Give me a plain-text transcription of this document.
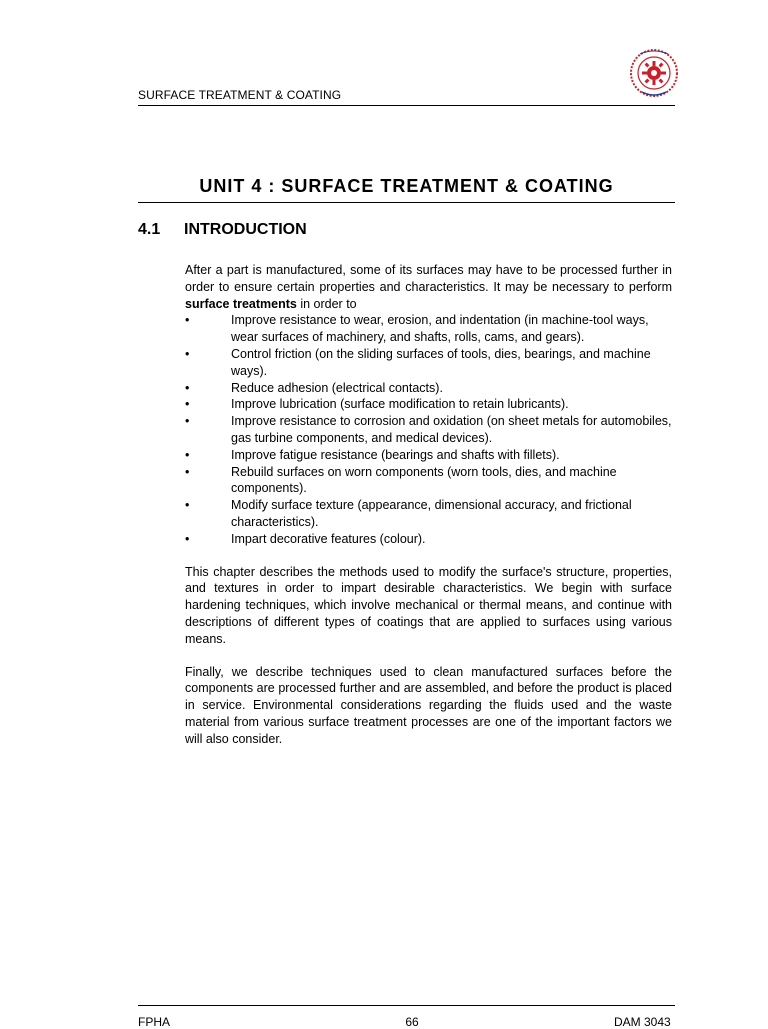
SURFACE TREATMENT & COATING
UNIT 4 : SURFACE TREATMENT & COATING
4.1 INTRODUCTION

After a part is manufactured, some of its surfaces may have to be processed further in order to ensure certain properties and characteristics. It may be necessary to perform surface treatments in order to

•	Improve resistance to wear, erosion, and indentation (in machine-tool ways, wear surfaces of machinery, and shafts, rolls, cams, and gears).
•	Control friction (on the sliding surfaces of tools, dies, bearings, and machine ways).
•	Reduce adhesion (electrical contacts).
•	Improve lubrication (surface modification to retain lubricants).
•	Improve resistance to corrosion and oxidation (on sheet metals for automobiles, gas turbine components, and medical devices).
•	Improve fatigue resistance (bearings and shafts with fillets).
•	Rebuild surfaces on worn components (worn tools, dies, and machine components).
•	Modify surface texture (appearance, dimensional accuracy, and frictional characteristics).
•	Impart decorative features (colour).

This chapter describes the methods used to modify the surface's structure, properties, and textures in order to impart desirable characteristics. We begin with surface hardening techniques, which involve mechanical or thermal means, and continue with descriptions of different types of coatings that are applied to surfaces using various means.

Finally, we describe techniques used to clean manufactured surfaces before the components are processed further and are assembled, and before the product is placed in service. Environmental considerations regarding the fluids used and the waste material from various surface treatment processes are one of the important factors we will also consider.

FPHA	66	DAM 3043
